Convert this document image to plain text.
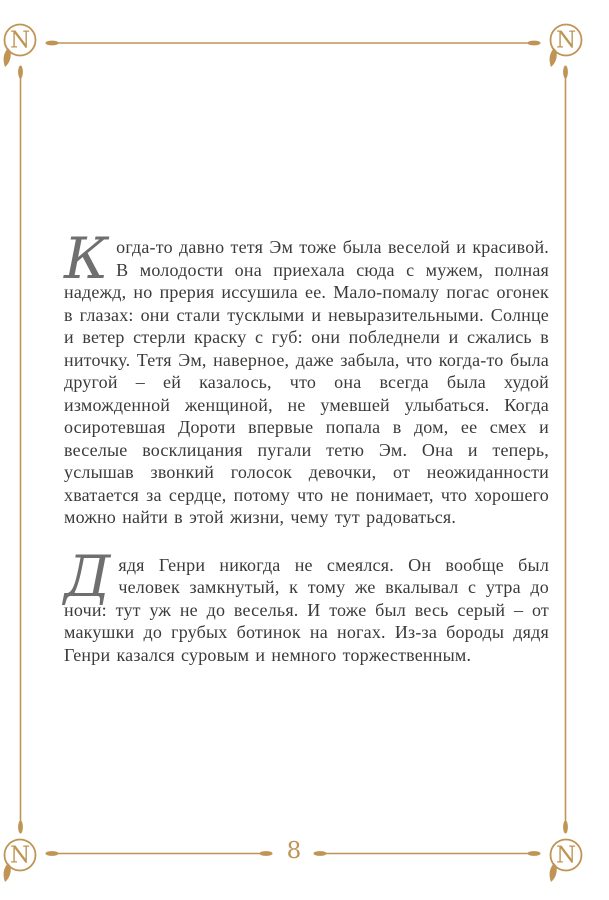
N	N
N	N

Когда-то давно тетя Эм тоже была веселой и красивой. В молодости она приехала сюда с мужем, полная надежд, но прерия иссушила ее. Мало-помалу погас огонек в глазах: они стали тусклыми и невыразительными. Солнце и ветер стерли краску с губ: они побледнели и сжались в ниточку. Тетя Эм, наверное, даже забыла, что когда-то была другой – ей казалось, что она всегда была худой изможденной женщиной, не умевшей улыбаться. Когда осиротевшая Дороти впервые попала в дом, ее смех и веселые восклицания пугали тетю Эм. Она и теперь, услышав звонкий голосок девочки, от неожиданности хватается за сердце, потому что не понимает, что хорошего можно найти в этой жизни, чему тут радоваться.

Дядя Генри никогда не смеялся. Он вообще был человек замкнутый, к тому же вкалывал с утра до ночи: тут уж не до веселья. И тоже был весь серый – от макушки до грубых ботинок на ногах. Из-за бороды дядя Генри казался суровым и немного торжественным.

8
